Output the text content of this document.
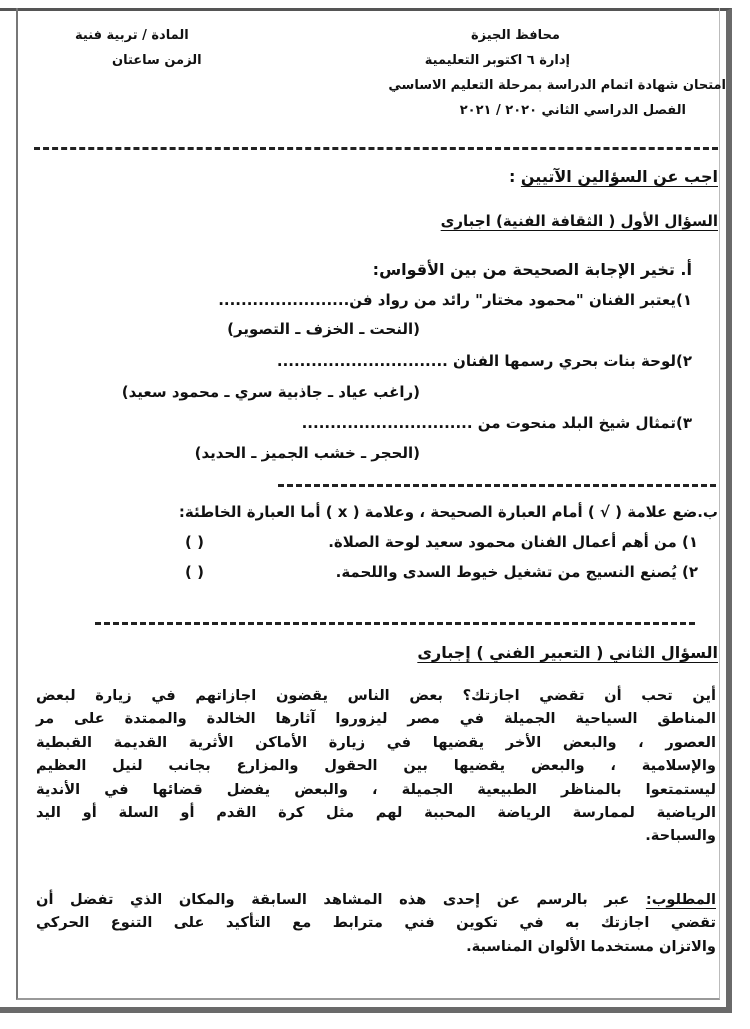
محافظ الجيزة
إدارة ٦ اكتوبر التعليمية
امتحان شهادة اتمام الدراسة بمرحلة التعليم الاساسي
الفصل الدراسي الثاني ٢٠٢٠ / ٢٠٢١
المادة / تربية فنية
الزمن ساعتان
اجب عن السؤالين الآتيين :
السؤال الأول ( الثقافة الفنية) اجبارى
أ. تخير الإجابة الصحيحة من بين الأقواس:
١)يعتبر الفنان "محمود مختار" رائد من رواد فن.......................
(النحت ـ الخزف ـ التصوير)
٢)لوحة بنات بحري رسمها الفنان ..............................
(راغب عياد ـ جاذبية سري ـ محمود سعيد)
٣)تمثال شيخ البلد منحوت من ..............................
(الحجر ـ خشب الجميز ـ الحديد)
ب.ضع علامة ( √ ) أمام العبارة الصحيحة ، وعلامة ( x ) أما العبارة الخاطئة:
١) من أهم أعمال الفنان محمود سعيد لوحة الصلاة.
( )
٢) يُصنع النسيج من تشغيل خيوط السدى واللحمة.
( )
السؤال الثاني ( التعبير الفني ) إجبارى
أين تحب أن تقضي اجازتك؟ بعض الناس يقضون اجازاتهم في زيارة لبعض
المناطق السياحية الجميلة في مصر ليزوروا آثارها الخالدة والممتدة على مر
العصور ، والبعض الأخر يقضيها في زيارة الأماكن الأثرية القديمة القبطية
والإسلامية ، والبعض يقضيها بين الحقول والمزارع بجانب لنيل العظيم
ليستمتعوا بالمناظر الطبيعية الجميلة ، والبعض يفضل قضائها في الأندية
الرياضية لممارسة الرياضة المحببة لهم مثل كرة القدم أو السلة أو اليد
والسباحة.
المطلوب: عبر بالرسم عن إحدى هذه المشاهد السابقة والمكان الذي تفضل أن
تقضي اجازتك به في تكوين فني مترابط مع التأكيد على التنوع الحركي
والاتزان مستخدما الألوان المناسبة.
